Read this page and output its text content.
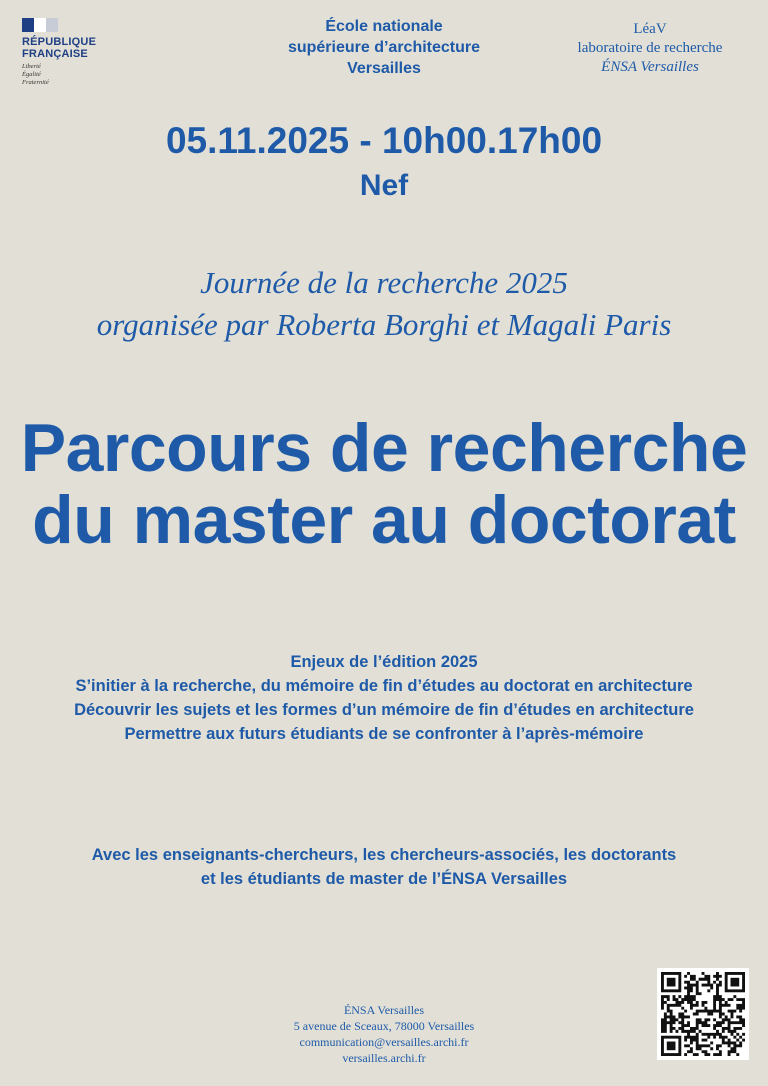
RÉPUBLIQUE
FRANÇAISE
Liberté
Égalité
Fraternité
École nationale
supérieure d’architecture
Versailles
LéaV
laboratoire de recherche
ÉNSA Versailles
05.11.2025 - 10h00.17h00
Nef
Journée de la recherche 2025
organisée par Roberta Borghi et Magali Paris
Parcours de recherche
du master au doctorat
Enjeux de l’édition 2025
S’initier à la recherche, du mémoire de fin d’études au doctorat en architecture
Découvrir les sujets et les formes d’un mémoire de fin d’études en architecture
Permettre aux futurs étudiants de se confronter à l’après-mémoire
Avec les enseignants-chercheurs, les chercheurs-associés, les doctorants
et les étudiants de master de l’ÉNSA Versailles
ÉNSA Versailles
5 avenue de Sceaux, 78000 Versailles
communication@versailles.archi.fr
versailles.archi.fr
